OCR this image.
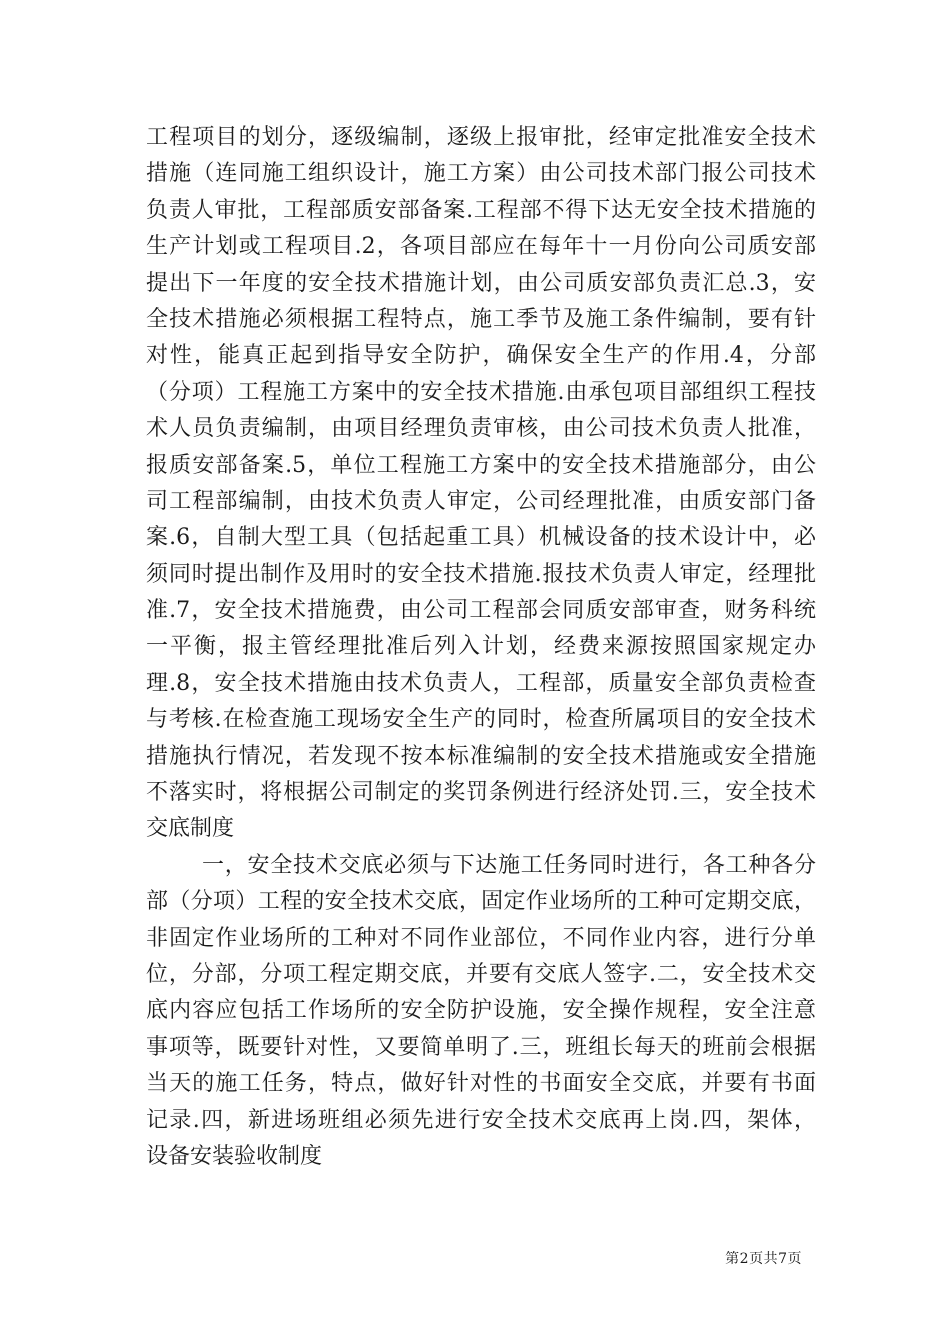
工程项目的划分，逐级编制，逐级上报审批，经审定批准安全技术
措施（连同施工组织设计，施工方案）由公司技术部门报公司技术
负责人审批，工程部质安部备案.工程部不得下达无安全技术措施的
生产计划或工程项目.2，各项目部应在每年十一月份向公司质安部
提出下一年度的安全技术措施计划，由公司质安部负责汇总.3，安
全技术措施必须根据工程特点，施工季节及施工条件编制，要有针
对性，能真正起到指导安全防护，确保安全生产的作用.4，分部
（分项）工程施工方案中的安全技术措施.由承包项目部组织工程技
术人员负责编制，由项目经理负责审核，由公司技术负责人批准，
报质安部备案.5，单位工程施工方案中的安全技术措施部分，由公
司工程部编制，由技术负责人审定，公司经理批准，由质安部门备
案.6，自制大型工具（包括起重工具）机械设备的技术设计中，必
须同时提出制作及用时的安全技术措施.报技术负责人审定，经理批
准.7，安全技术措施费，由公司工程部会同质安部审查，财务科统
一平衡，报主管经理批准后列入计划，经费来源按照国家规定办
理.8，安全技术措施由技术负责人，工程部，质量安全部负责检查
与考核.在检查施工现场安全生产的同时，检查所属项目的安全技术
措施执行情况，若发现不按本标准编制的安全技术措施或安全措施
不落实时，将根据公司制定的奖罚条例进行经济处罚.三，安全技术
交底制度
一，安全技术交底必须与下达施工任务同时进行，各工种各分
部（分项）工程的安全技术交底，固定作业场所的工种可定期交底，
非固定作业场所的工种对不同作业部位，不同作业内容，进行分单
位，分部，分项工程定期交底，并要有交底人签字.二，安全技术交
底内容应包括工作场所的安全防护设施，安全操作规程，安全注意
事项等，既要针对性，又要简单明了.三，班组长每天的班前会根据
当天的施工任务，特点，做好针对性的书面安全交底，并要有书面
记录.四，新进场班组必须先进行安全技术交底再上岗.四，架体，
设备安装验收制度
第2页共7页
